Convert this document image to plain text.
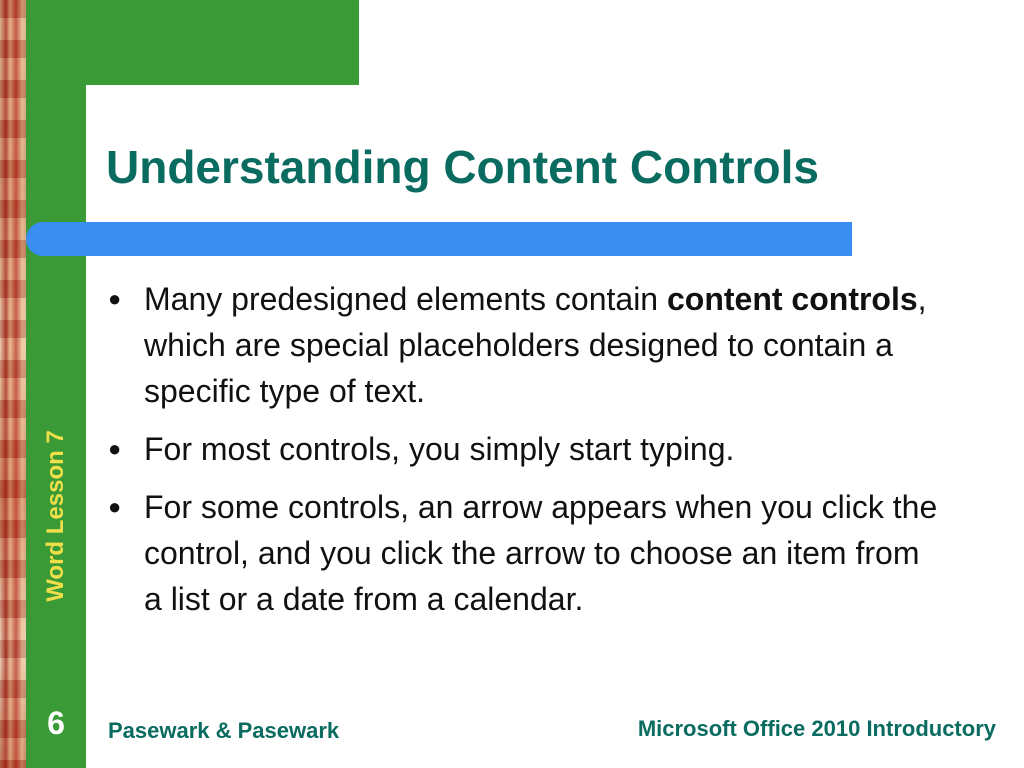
Understanding Content Controls
● Many predesigned elements contain content controls, which are special placeholders designed to contain a specific type of text.
● For most controls, you simply start typing.
● For some controls, an arrow appears when you click the control, and you click the arrow to choose an item from a list or a date from a calendar.
Word Lesson 7
6	Pasewark & Pasewark	Microsoft Office 2010 Introductory
